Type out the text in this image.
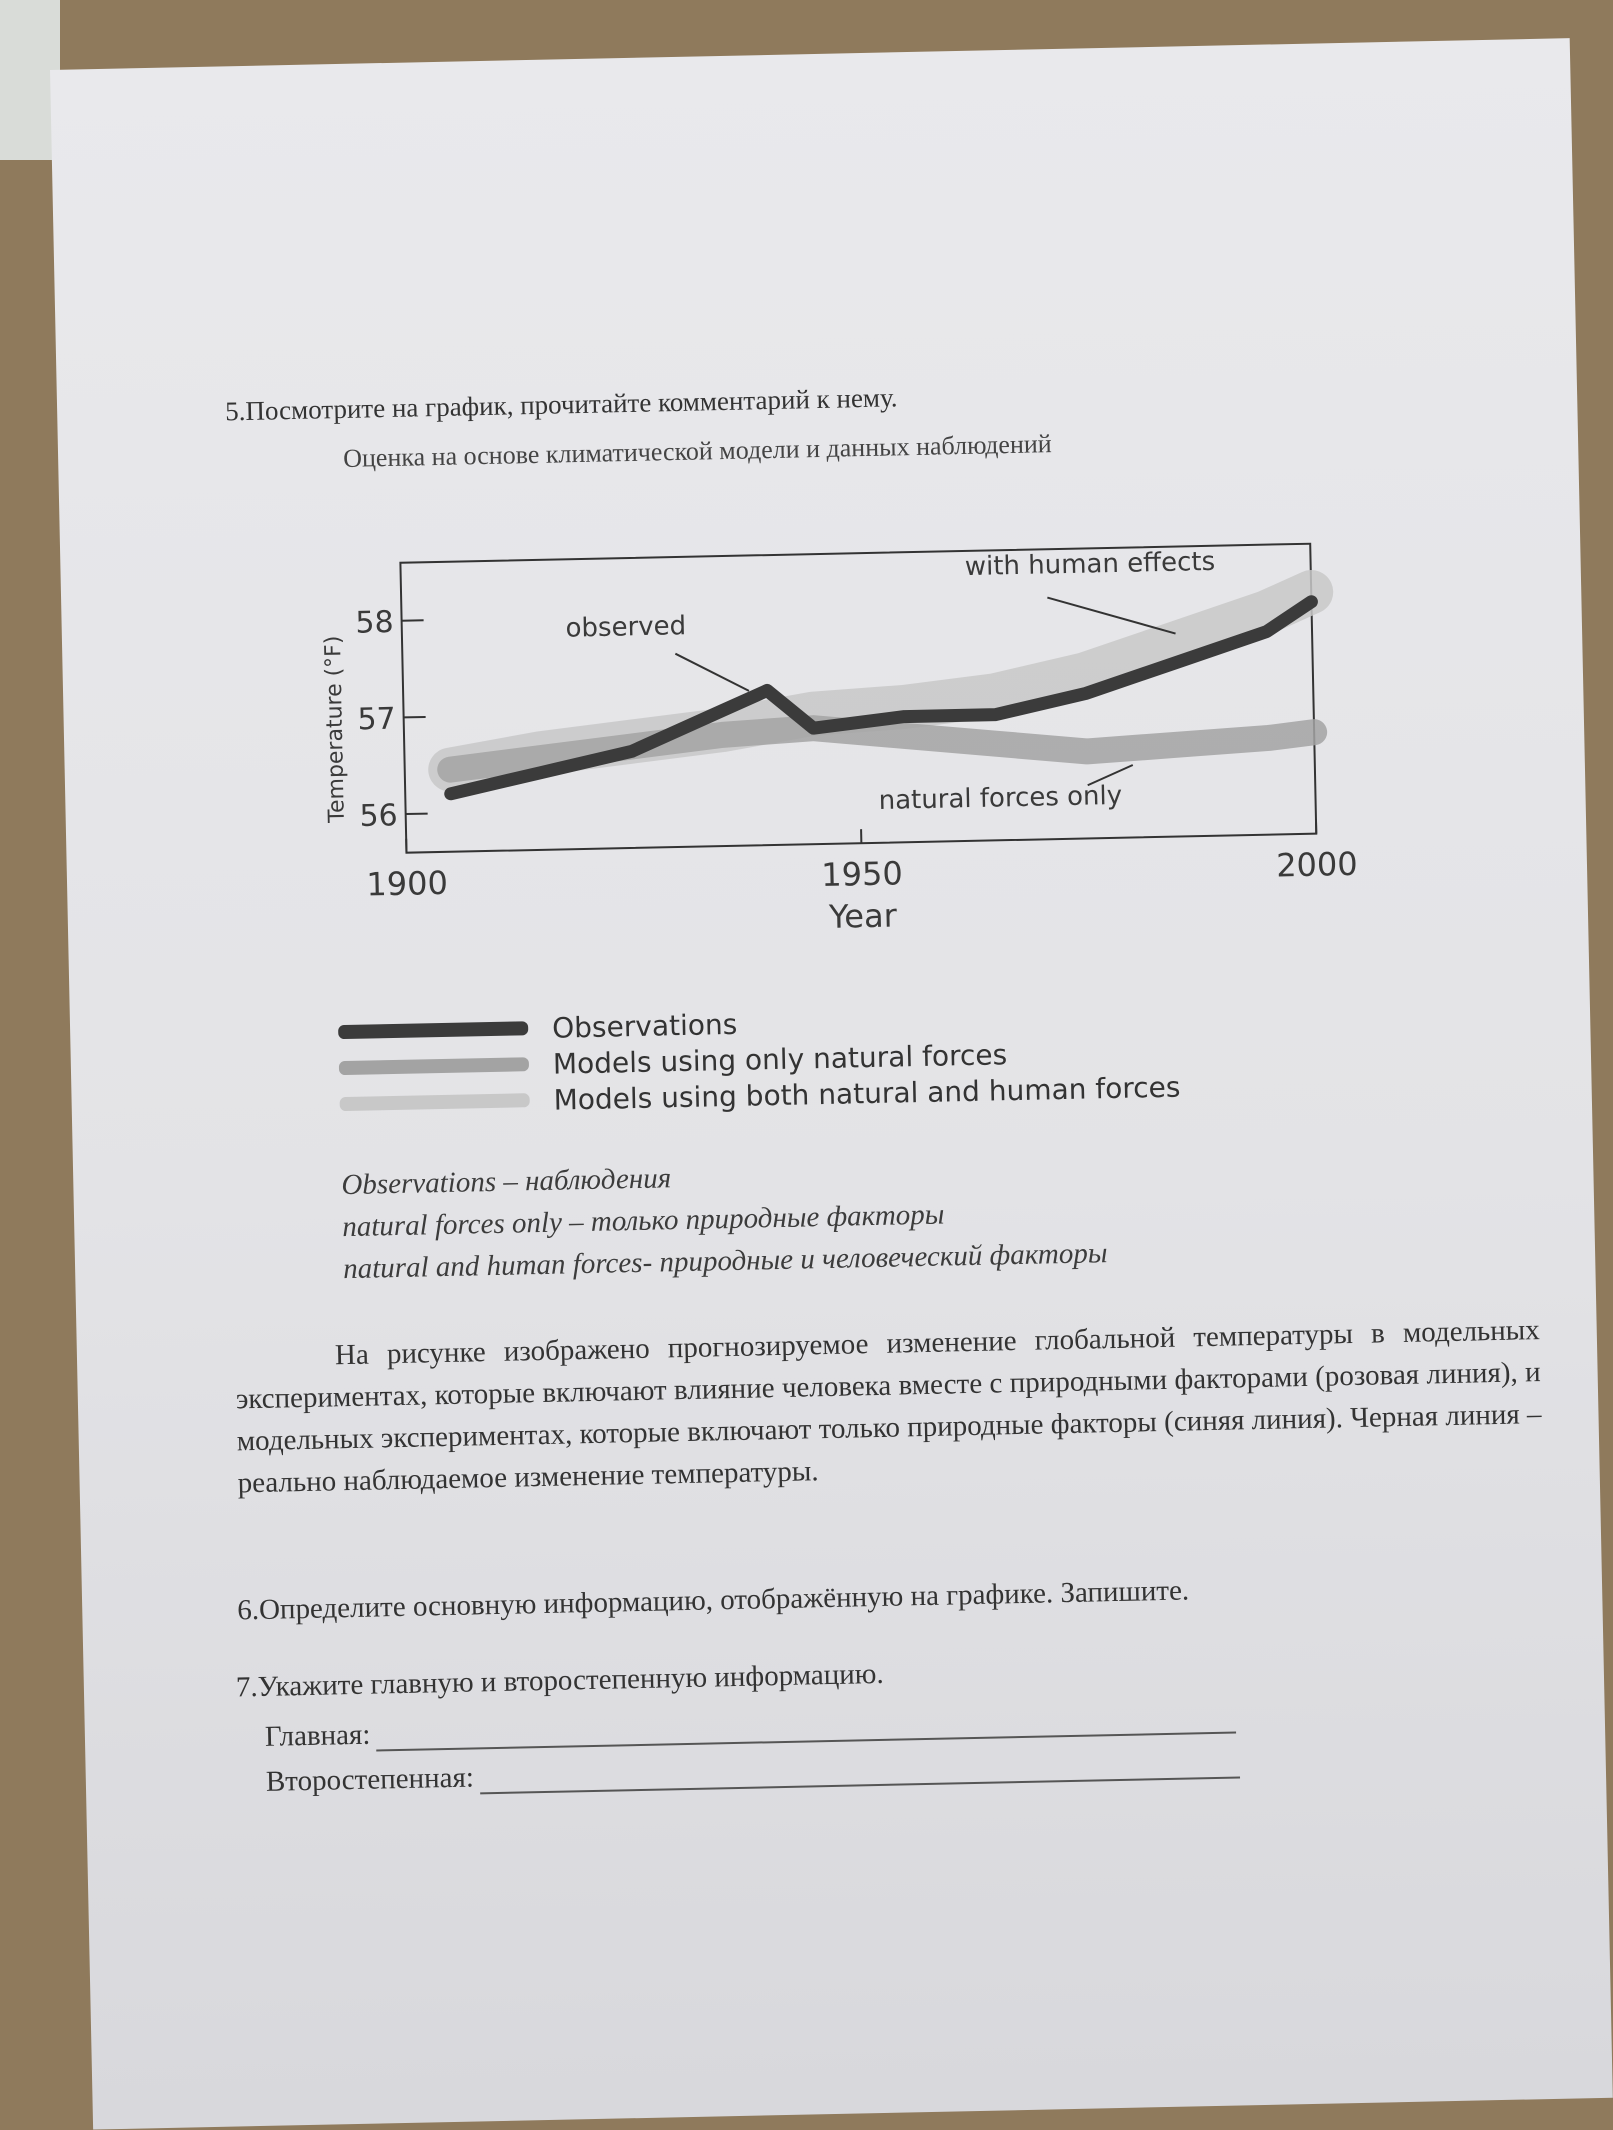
5.Посмотрите на график, прочитайте комментарий к нему.
Оценка на основе климатической модели и данных наблюдений
56
57
58
Temperature (°F)
1900	1950	2000
Year
with human effects
observed
natural forces only
Observations
Models using only natural forces
Models using both natural and human forces
Observations – наблюдения
natural forces only – только природные факторы
natural and human forces- природные и человеческий факторы
На рисунке изображено прогнозируемое изменение глобальной температуры в модельных экспериментах, которые включают влияние человека вместе с природными факторами (розовая линия), и модельных экспериментах, которые включают только природные факторы (синяя линия). Черная линия – реально наблюдаемое изменение температуры.
6.Определите основную информацию, отображённую на графике. Запишите.
7.Укажите главную и второстепенную информацию.
Главная:
Второстепенная:
